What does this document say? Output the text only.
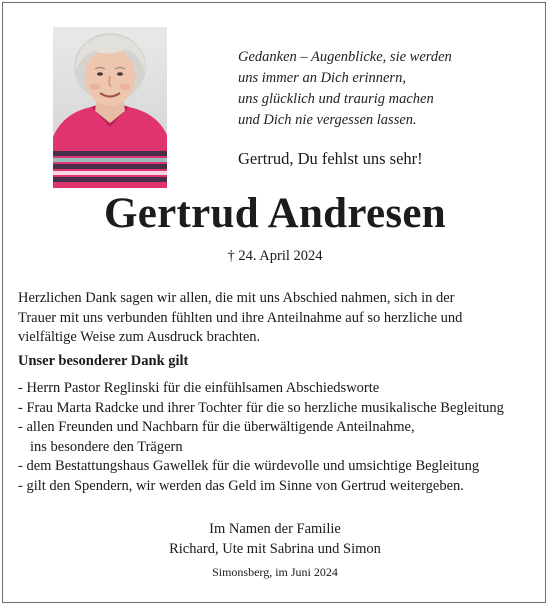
Gedanken – Augenblicke, sie werden
uns immer an Dich erinnern,
uns glücklich und traurig machen
und Dich nie vergessen lassen.
Gertrud, Du fehlst uns sehr!
Gertrud Andresen
† 24. April 2024
Herzlichen Dank sagen wir allen, die mit uns Abschied nahmen, sich in der
Trauer mit uns verbunden fühlten und ihre Anteilnahme auf so herzliche und
vielfältige Weise zum Ausdruck brachten.
Unser besonderer Dank gilt
- Herrn Pastor Reglinski für die einfühlsamen Abschiedsworte
- Frau Marta Radcke und ihrer Tochter für die so herzliche musikalische Begleitung
- allen Freunden und Nachbarn für die überwältigende Anteilnahme,
ins besondere den Trägern
- dem Bestattungshaus Gawellek für die würdevolle und umsichtige Begleitung
- gilt den Spendern, wir werden das Geld im Sinne von Gertrud weitergeben.
Im Namen der Familie
Richard, Ute mit Sabrina und Simon
Simonsberg, im Juni 2024
